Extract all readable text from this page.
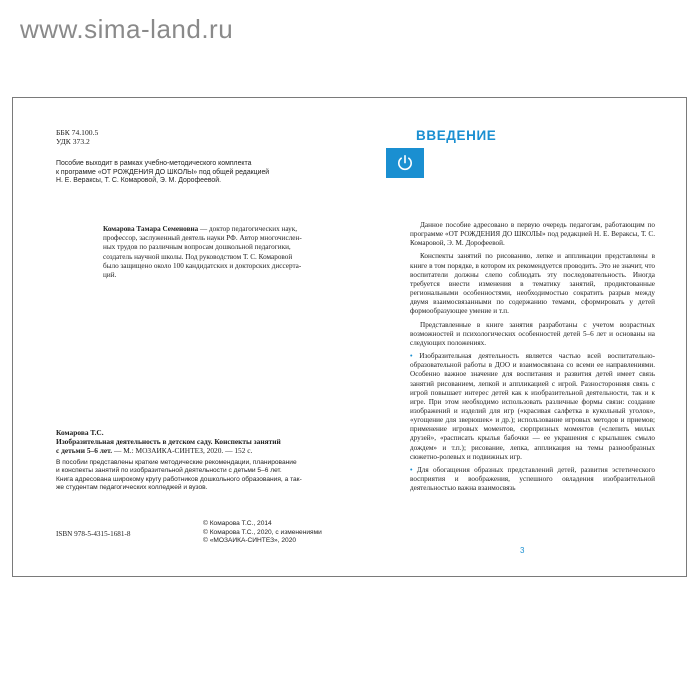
www.sima-land.ru
ББК 74.100.5
УДК 373.2
Пособие выходит в рамках учебно-методического комплекта
к программе «ОТ РОЖДЕНИЯ ДО ШКОЛЫ» под общей редакцией
Н. Е. Вераксы, Т. С. Комаровой, Э. М. Дорофеевой.
Комарова Тамара Семеновна — доктор педагогических наук,
профессор, заслуженный деятель науки РФ. Автор многочислен-
ных трудов по различным вопросам дошкольной педагогики,
создатель научной школы. Под руководством Т. С. Комаровой
было защищено около 100 кандидатских и докторских диссерта-
ций.
Комарова Т.С.
Изобразительная деятельность в детском саду. Конспекты занятий
с детьми 5–6 лет. — М.: МОЗАИКА-СИНТЕЗ, 2020. — 152 с.
В пособии представлены краткие методические рекомендации, планирование
и конспекты занятий по изобразительной деятельности с детьми 5–6 лет.
Книга адресована широкому кругу работников дошкольного образования, а так-
же студентам педагогических колледжей и вузов.
ISBN 978-5-4315-1681-8
© Комарова Т.С., 2014
© Комарова Т.С., 2020, с изменениями
© «МОЗАИКА-СИНТЕЗ», 2020
ВВЕДЕНИЕ

Данное пособие адресовано в первую очередь педагогам, работающим по программе «ОТ РОЖДЕНИЯ ДО ШКОЛЫ» под редакцией Н. Е. Вераксы, Т. С. Комаровой, Э. М. Дорофеевой.

Конспекты занятий по рисованию, лепке и аппликации представлены в книге в том порядке, в котором их рекомендуется проводить. Это не значит, что воспитатели должны слепо соблюдать эту последовательность. Иногда требуется внести изменения в тематику занятий, продиктованные региональными особенностями, необходимостью сократить разрыв между двумя взаимосвязанными по содержанию темами, сформировать у детей формообразующее умение и т.п.

Представленные в книге занятия разработаны с учетом возрастных возможностей и психологических особенностей детей 5–6 лет и основаны на следующих положениях.

• Изобразительная деятельность является частью всей воспитательно-образовательной работы в ДОО и взаимосвязана со всеми ее направлениями. Особенно важное значение для воспитания и развития детей имеет связь занятий рисованием, лепкой и аппликацией с игрой. Разносторонняя связь с игрой повышает интерес детей как к изобразительной деятельности, так и к игре. При этом необходимо использовать различные формы связи: создание изображений и изделий для игр («красивая салфетка в кукольный уголок», «угощение для зверюшек» и др.); использование игровых методов и приемов; применение игровых моментов, сюрпризных моментов («слепить милых друзей», «расписать крылья бабочки — ее украшения с крылышек смыло дождем» и т.п.); рисование, лепка, аппликация на темы разнообразных сюжетно-ролевых и подвижных игр.

• Для обогащения образных представлений детей, развития эстетического восприятия и воображения, успешного овладения изобразительной деятельностью важна взаимосвязь

3
